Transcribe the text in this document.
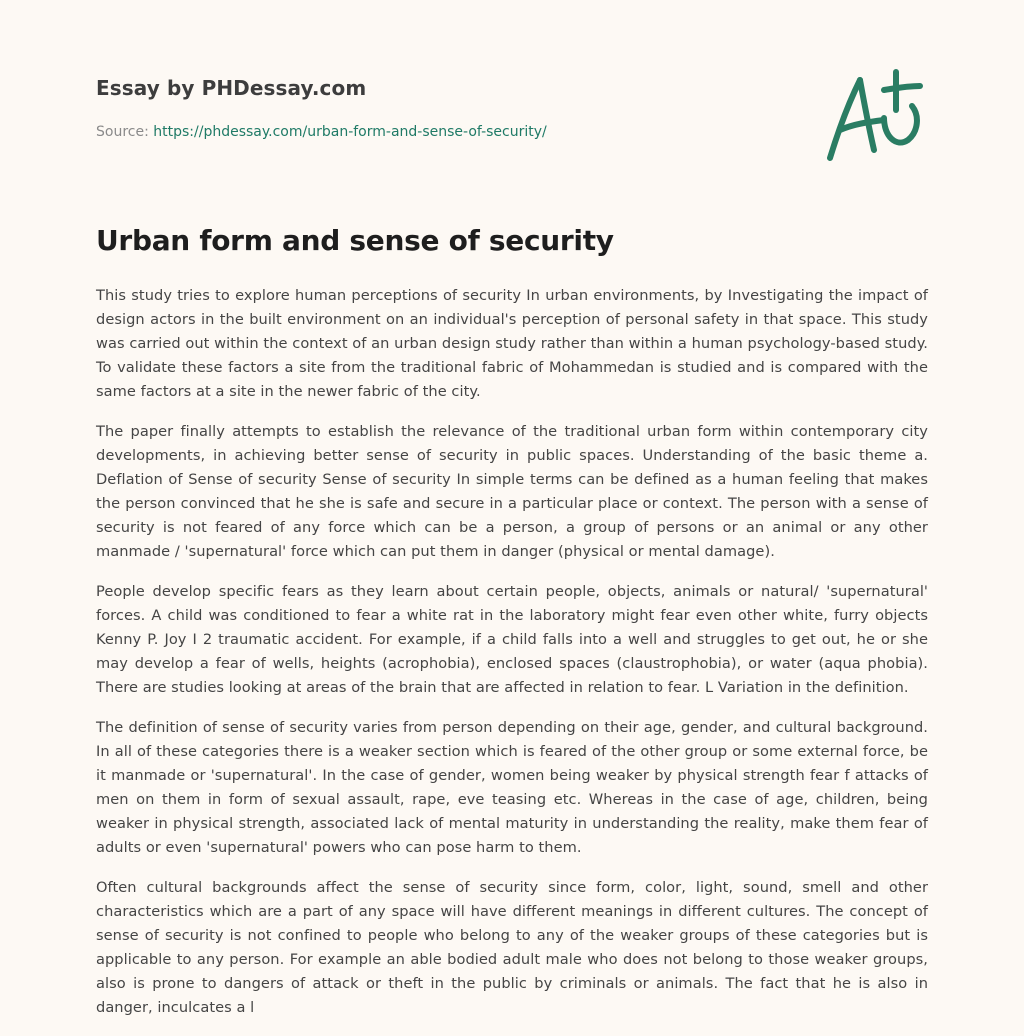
Essay by PHDessay.com
Source: https://phdessay.com/urban-form-and-sense-of-security/
Urban form and sense of security

This study tries to explore human perceptions of security In urban environments, by Investigating the impact of design actors in the built environment on an individual's perception of personal safety in that space. This study was carried out within the context of an urban design study rather than within a human psychology-based study. To validate these factors a site from the traditional fabric of Mohammedan is studied and is compared with the same factors at a site in the newer fabric of the city.

The paper finally attempts to establish the relevance of the traditional urban form within contemporary city developments, in achieving better sense of security in public spaces. Understanding of the basic theme a. Deflation of Sense of security Sense of security In simple terms can be defined as a human feeling that makes the person convinced that he she is safe and secure in a particular place or context. The person with a sense of security is not feared of any force which can be a person, a group of persons or an animal or any other manmade / 'supernatural' force which can put them in danger (physical or mental damage).

People develop specific fears as they learn about certain people, objects, animals or natural/ 'supernatural' forces. A child was conditioned to fear a white rat in the laboratory might fear even other white, furry objects Kenny P. Joy I 2 traumatic accident. For example, if a child falls into a well and struggles to get out, he or she may develop a fear of wells, heights (acrophobia), enclosed spaces (claustrophobia), or water (aqua phobia). There are studies looking at areas of the brain that are affected in relation to fear. L Variation in the definition.

The definition of sense of security varies from person depending on their age, gender, and cultural background. In all of these categories there is a weaker section which is feared of the other group or some external force, be it manmade or 'supernatural'. In the case of gender, women being weaker by physical strength fear f attacks of men on them in form of sexual assault, rape, eve teasing etc. Whereas in the case of age, children, being weaker in physical strength, associated lack of mental maturity in understanding the reality, make them fear of adults or even 'supernatural' powers who can pose harm to them.

Often cultural backgrounds affect the sense of security since form, color, light, sound, smell and other characteristics which are a part of any space will have different meanings in different cultures. The concept of sense of security is not confined to people who belong to any of the weaker groups of these categories but is applicable to any person. For example an able bodied adult male who does not belong to those weaker groups, also is prone to dangers of attack or theft in the public by criminals or animals. The fact that he is also in danger, inculcates a l
